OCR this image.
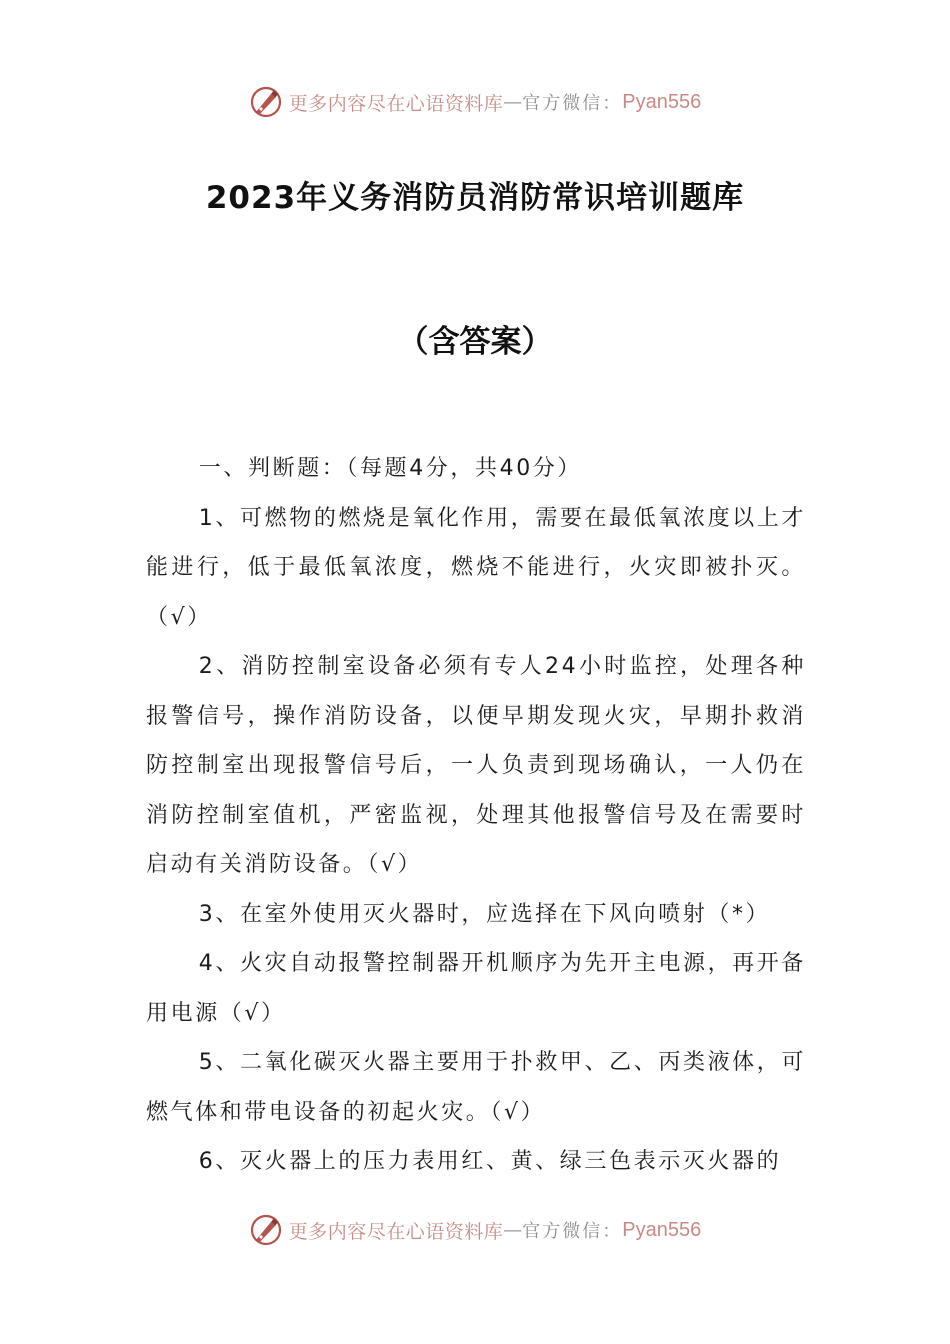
更多内容尽在心语资料库 — 官方微信： Pyan556
2023年义务消防员消防常识培训题库
（含答案）

一、判断题：（每题4分，共40分）

1、可燃物的燃烧是氧化作用，需要在最低氧浓度以上才能进行，低于最低氧浓度，燃烧不能进行，火灾即被扑灭。（√）

2、消防控制室设备必须有专人24小时监控，处理各种报警信号，操作消防设备，以便早期发现火灾，早期扑救消防控制室出现报警信号后，一人负责到现场确认，一人仍在消防控制室值机，严密监视，处理其他报警信号及在需要时启动有关消防设备。（√）

3、在室外使用灭火器时，应选择在下风向喷射（*）

4、火灾自动报警控制器开机顺序为先开主电源，再开备用电源（√）

5、二氧化碳灭火器主要用于扑救甲、乙、丙类液体，可燃气体和带电设备的初起火灾。（√）

6、灭火器上的压力表用红、黄、绿三色表示灭火器的

更多内容尽在心语资料库 — 官方微信： Pyan556
